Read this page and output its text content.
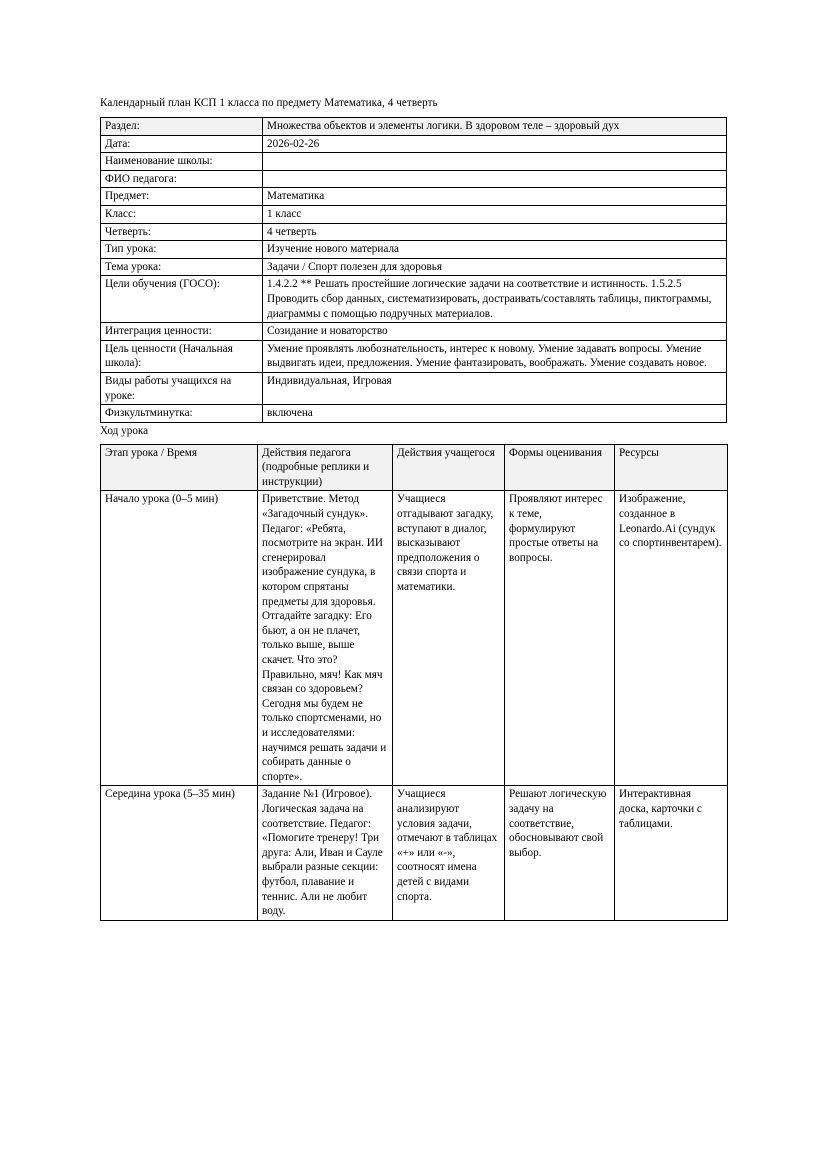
Календарный план КСП 1 класса по предмету Математика, 4 четверть

Раздел:	Множества объектов и элементы логики. В здоровом теле – здоровый дух
Дата:	2026-02-26
Наименование школы:	
ФИО педагога:	
Предмет:	Математика
Класс:	1 класс
Четверть:	4 четверть
Тип урока:	Изучение нового материала
Тема урока:	Задачи / Спорт полезен для здоровья
Цели обучения (ГОСО):	1.4.2.2 ** Решать простейшие логические задачи на соответствие и истинность. 1.5.2.5 Проводить сбор данных, систематизировать, достраивать/составлять таблицы, пиктограммы, диаграммы с помощью подручных материалов.
Интеграция ценности:	Созидание и новаторство
Цель ценности (Начальная школа):	Умение проявлять любознательность, интерес к новому. Умение задавать вопросы. Умение выдвигать идеи, предложения. Умение фантазировать, воображать. Умение создавать новое.
Виды работы учащихся на уроке:	Индивидуальная, Игровая
Физкультминутка:	включена

Ход урока

Этап урока / Время	Действия педагога (подробные реплики и инструкции)	Действия учащегося	Формы оценивания	Ресурсы
Начало урока (0–5 мин)	Приветствие. Метод «Загадочный сундук». Педагог: «Ребята, посмотрите на экран. ИИ сгенерировал изображение сундука, в котором спрятаны предметы для здоровья. Отгадайте загадку: Его бьют, а он не плачет, только выше, выше скачет. Что это? Правильно, мяч! Как мяч связан со здоровьем? Сегодня мы будем не только спортсменами, но и исследователями: научимся решать задачи и собирать данные о спорте».	Учащиеся отгадывают загадку, вступают в диалог, высказывают предположения о связи спорта и математики.	Проявляют интерес к теме, формулируют простые ответы на вопросы.	Изображение, созданное в Leonardo.Ai (сундук со спортинвентарем).
Середина урока (5–35 мин)	Задание №1 (Игровое). Логическая задача на соответствие. Педагог: «Помогите тренеру! Три друга: Али, Иван и Сауле выбрали разные секции: футбол, плавание и теннис. Али не любит воду.	Учащиеся анализируют условия задачи, отмечают в таблицах «+» или «-», соотносят имена детей с видами спорта.	Решают логическую задачу на соответствие, обосновывают свой выбор.	Интерактивная доска, карточки с таблицами.
